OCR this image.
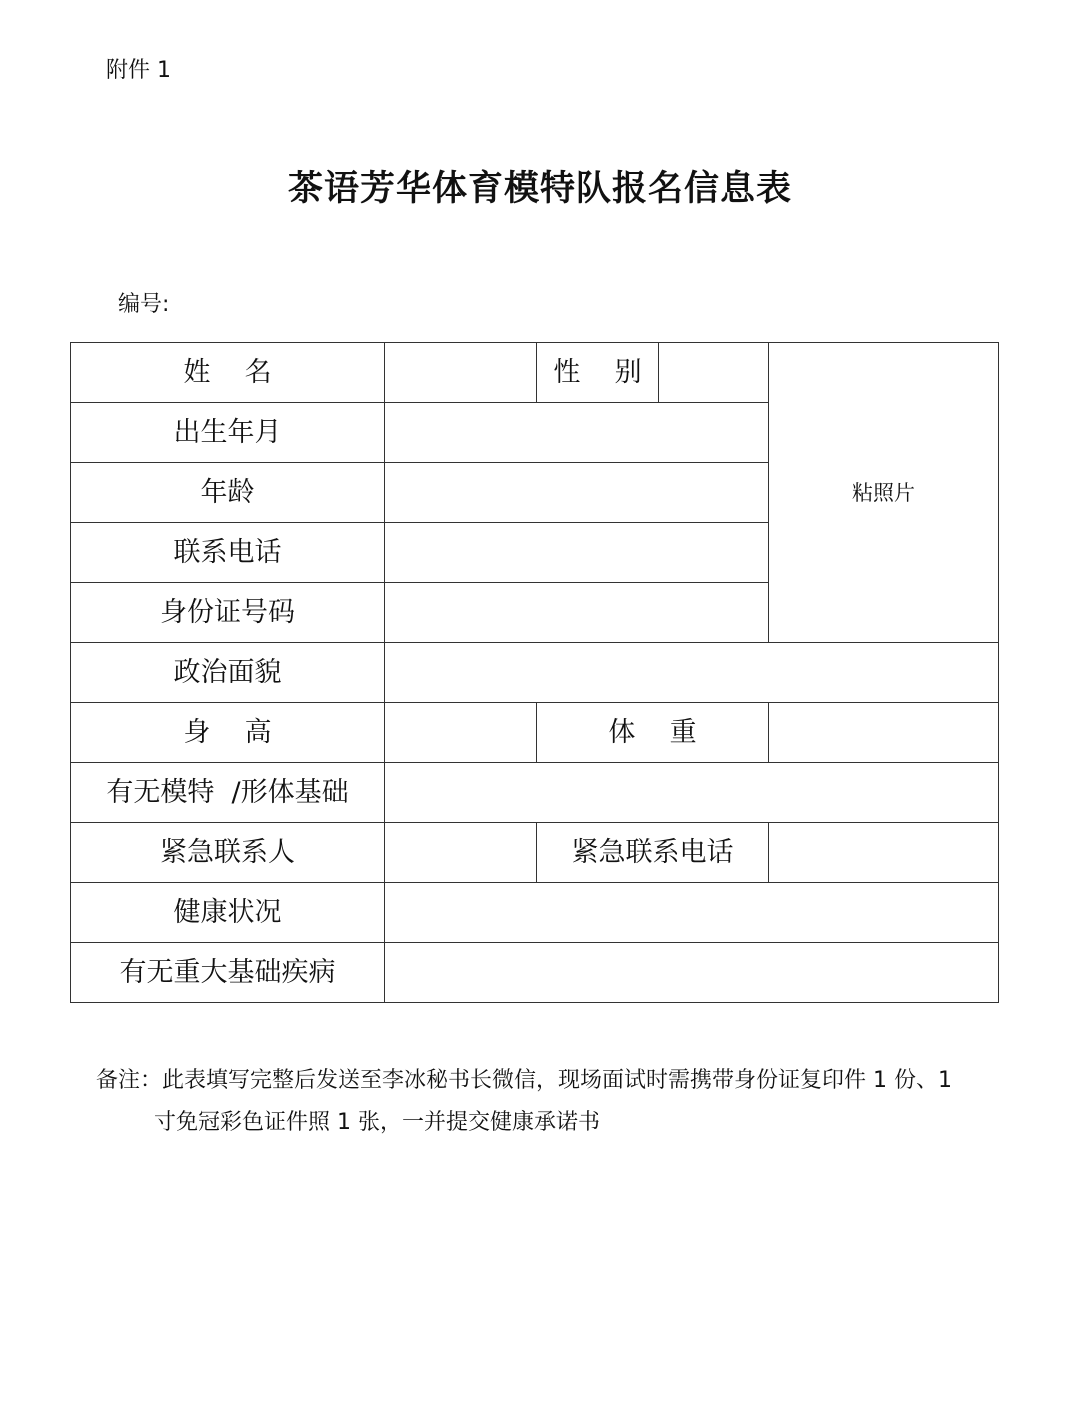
附件 1
茶语芳华体育模特队报名信息表
编号:
姓    名		性    别		粘照片
出生年月				
年龄				
联系电话				
身份证号码				
政治面貌				
身    高		体    重		
有无模特  /形体基础				
紧急联系人		紧急联系电话		
健康状况				
有无重大基础疾病				
备注：此表填写完整后发送至李冰秘书长微信，现场面试时需携带身份证复印件 1 份、1
寸免冠彩色证件照 1 张，一并提交健康承诺书
